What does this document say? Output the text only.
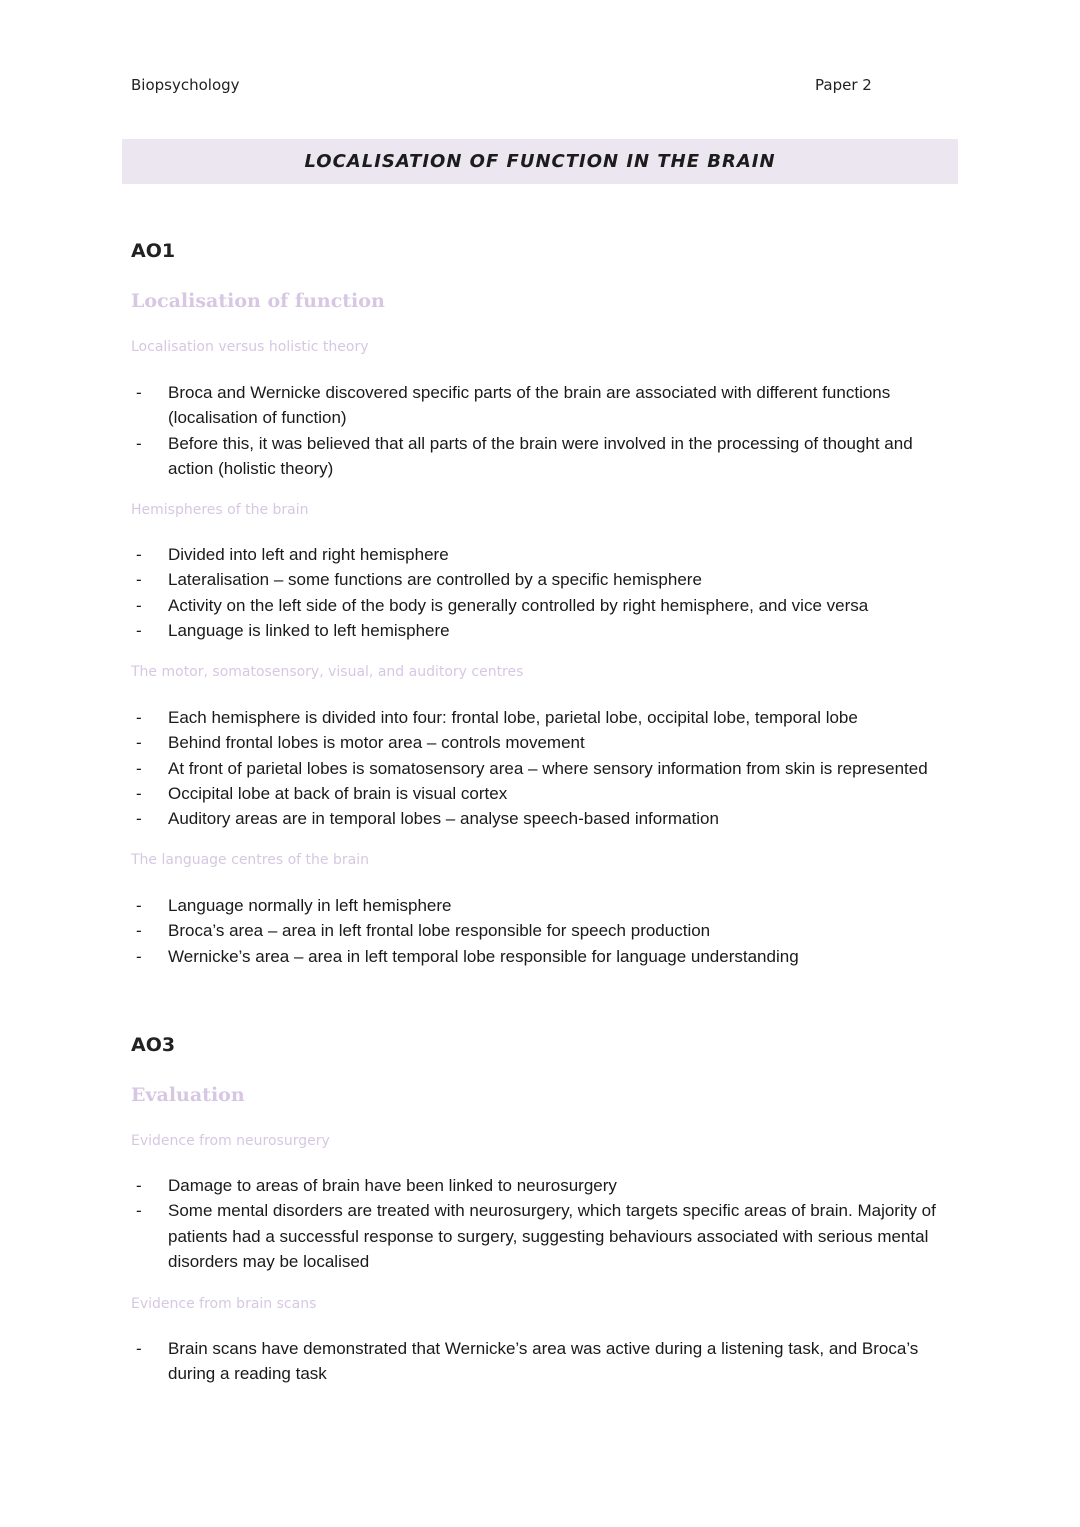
Biopsychology	Paper 2
LOCALISATION OF FUNCTION IN THE BRAIN
AO1
Localisation of function
Localisation versus holistic theory
- Broca and Wernicke discovered specific parts of the brain are associated with different functions (localisation of function)
- Before this, it was believed that all parts of the brain were involved in the processing of thought and action (holistic theory)
Hemispheres of the brain
- Divided into left and right hemisphere
- Lateralisation – some functions are controlled by a specific hemisphere
- Activity on the left side of the body is generally controlled by right hemisphere, and vice versa
- Language is linked to left hemisphere
The motor, somatosensory, visual, and auditory centres
- Each hemisphere is divided into four: frontal lobe, parietal lobe, occipital lobe, temporal lobe
- Behind frontal lobes is motor area – controls movement
- At front of parietal lobes is somatosensory area – where sensory information from skin is represented
- Occipital lobe at back of brain is visual cortex
- Auditory areas are in temporal lobes – analyse speech-based information
The language centres of the brain
- Language normally in left hemisphere
- Broca’s area – area in left frontal lobe responsible for speech production
- Wernicke’s area – area in left temporal lobe responsible for language understanding
AO3
Evaluation
Evidence from neurosurgery
- Damage to areas of brain have been linked to neurosurgery
- Some mental disorders are treated with neurosurgery, which targets specific areas of brain. Majority of patients had a successful response to surgery, suggesting behaviours associated with serious mental disorders may be localised
Evidence from brain scans
- Brain scans have demonstrated that Wernicke’s area was active during a listening task, and Broca’s during a reading task
